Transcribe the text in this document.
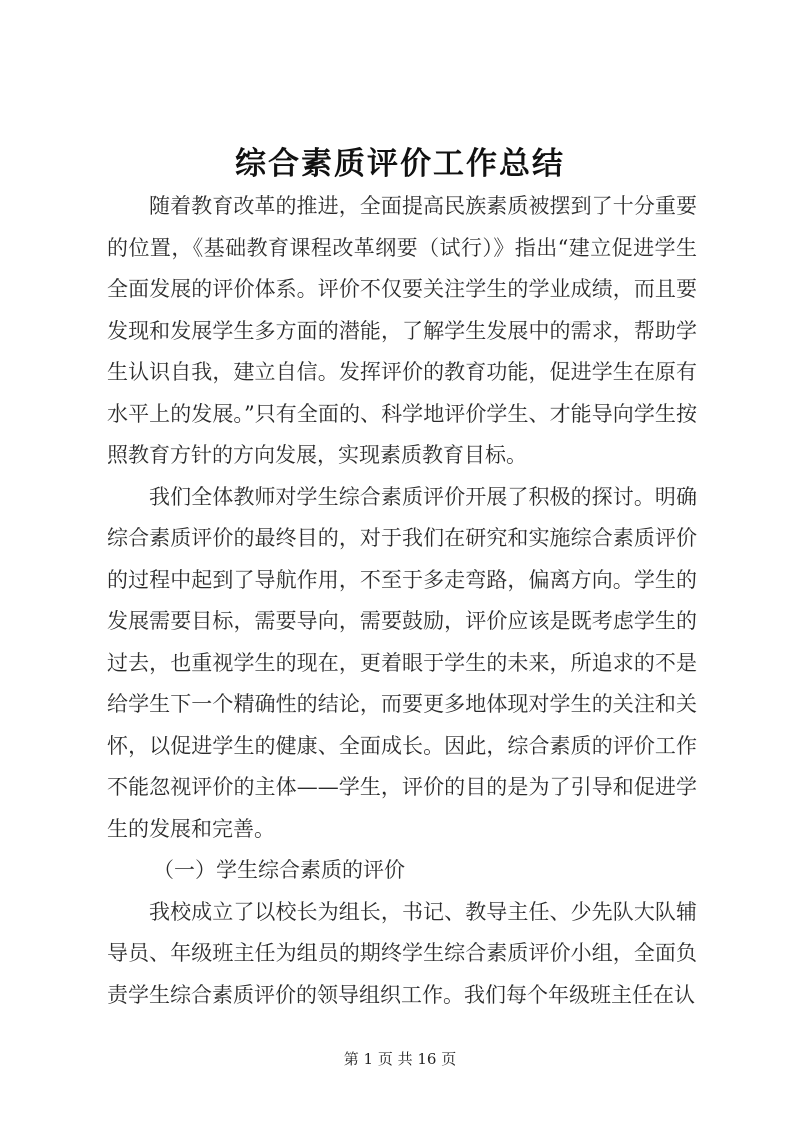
综合素质评价工作总结

随着教育改革的推进，全面提高民族素质被摆到了十分重要的位置，《基础教育课程改革纲要（试行）》指出“建立促进学生全面发展的评价体系。评价不仅要关注学生的学业成绩，而且要发现和发展学生多方面的潜能，了解学生发展中的需求，帮助学生认识自我，建立自信。发挥评价的教育功能，促进学生在原有水平上的发展。”只有全面的、科学地评价学生、才能导向学生按照教育方针的方向发展，实现素质教育目标。

我们全体教师对学生综合素质评价开展了积极的探讨。明确综合素质评价的最终目的，对于我们在研究和实施综合素质评价的过程中起到了导航作用，不至于多走弯路，偏离方向。学生的发展需要目标，需要导向，需要鼓励，评价应该是既考虑学生的过去，也重视学生的现在，更着眼于学生的未来，所追求的不是给学生下一个精确性的结论，而要更多地体现对学生的关注和关怀，以促进学生的健康、全面成长。因此，综合素质的评价工作不能忽视评价的主体——学生，评价的目的是为了引导和促进学生的发展和完善。

（一）学生综合素质的评价

我校成立了以校长为组长，书记、教导主任、少先队大队辅导员、年级班主任为组员的期终学生综合素质评价小组，全面负责学生综合素质评价的领导组织工作。我们每个年级班主任在认

第 1 页 共 16 页
